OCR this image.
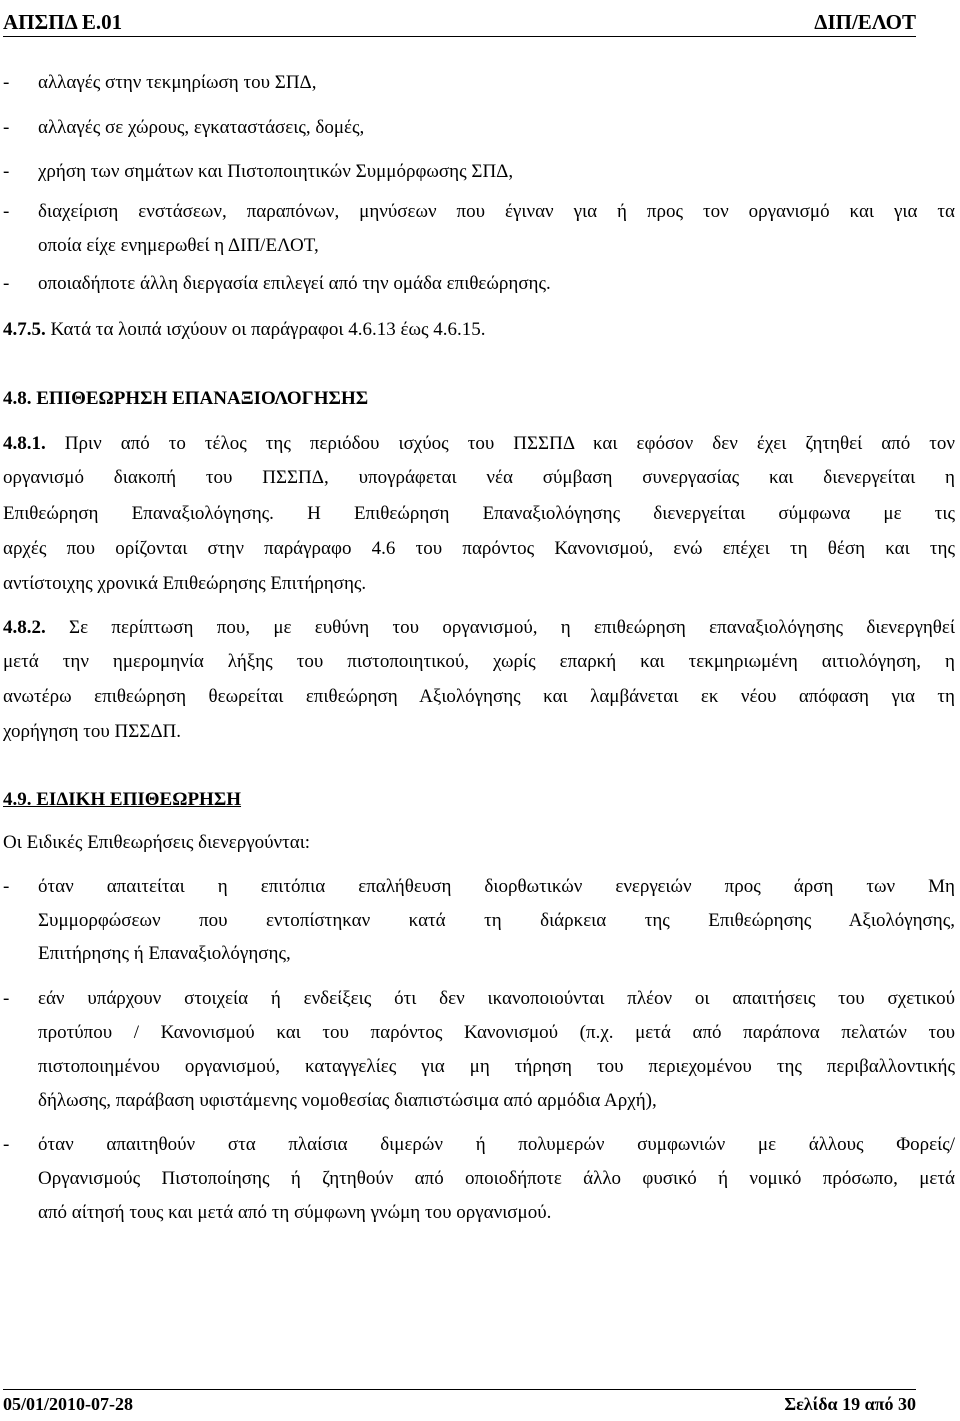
ΑΠΣΠΔ Ε.01	ΔΙΠ/ΕΛΟΤ
- αλλαγές στην τεκμηρίωση του ΣΠΔ,
- αλλαγές σε χώρους, εγκαταστάσεις, δομές,
- χρήση των σημάτων και Πιστοποιητικών Συμμόρφωσης ΣΠΔ,
- διαχείριση ενστάσεων, παραπόνων, μηνύσεων που έγιναν για ή προς τον οργανισμό και για τα
οποία είχε ενημερωθεί η ΔΙΠ/ΕΛΟΤ,
- οποιαδήποτε άλλη διεργασία επιλεγεί από την ομάδα επιθεώρησης.
4.7.5. Κατά τα λοιπά ισχύουν οι παράγραφοι 4.6.13 έως 4.6.15.
4.8. ΕΠΙΘΕΩΡΗΣΗ ΕΠΑΝΑΞΙΟΛΟΓΗΣΗΣ
4.8.1. Πριν από το τέλος της περιόδου ισχύος του ΠΣΣΠΔ και εφόσον δεν έχει ζητηθεί από τον
οργανισμό διακοπή του ΠΣΣΠΔ, υπογράφεται νέα σύμβαση συνεργασίας και διενεργείται η
Επιθεώρηση Επαναξιολόγησης. Η Επιθεώρηση Επαναξιολόγησης διενεργείται σύμφωνα με τις
αρχές που ορίζονται στην παράγραφο 4.6 του παρόντος Κανονισμού, ενώ επέχει τη θέση και της
αντίστοιχης χρονικά Επιθεώρησης Επιτήρησης.
4.8.2. Σε περίπτωση που, με ευθύνη του οργανισμού, η επιθεώρηση επαναξιολόγησης διενεργηθεί
μετά την ημερομηνία λήξης του πιστοποιητικού, χωρίς επαρκή και τεκμηριωμένη αιτιολόγηση, η
ανωτέρω επιθεώρηση θεωρείται επιθεώρηση Αξιολόγησης και λαμβάνεται εκ νέου απόφαση για τη
χορήγηση του ΠΣΣΔΠ.
4.9. ΕΙΔΙΚΗ ΕΠΙΘΕΩΡΗΣΗ
Οι Ειδικές Επιθεωρήσεις διενεργούνται:
- όταν απαιτείται η επιτόπια επαλήθευση διορθωτικών ενεργειών προς άρση των Μη
Συμμορφώσεων που εντοπίστηκαν κατά τη διάρκεια της Επιθεώρησης Αξιολόγησης,
Επιτήρησης ή Επαναξιολόγησης,
- εάν υπάρχουν στοιχεία ή ενδείξεις ότι δεν ικανοποιούνται πλέον οι απαιτήσεις του σχετικού
προτύπου / Κανονισμού και του παρόντος Κανονισμού (π.χ. μετά από παράπονα πελατών του
πιστοποιημένου οργανισμού, καταγγελίες για μη τήρηση του περιεχομένου της περιβαλλοντικής
δήλωσης, παράβαση υφιστάμενης νομοθεσίας διαπιστώσιμα από αρμόδια Αρχή),
- όταν απαιτηθούν στα πλαίσια διμερών ή πολυμερών συμφωνιών με άλλους Φορείς/
Οργανισμούς Πιστοποίησης ή ζητηθούν από οποιοδήποτε άλλο φυσικό ή νομικό πρόσωπο, μετά
από αίτησή τους και μετά από τη σύμφωνη γνώμη του οργανισμού.
05/01/2010-07-28	Σελίδα 19 από 30
